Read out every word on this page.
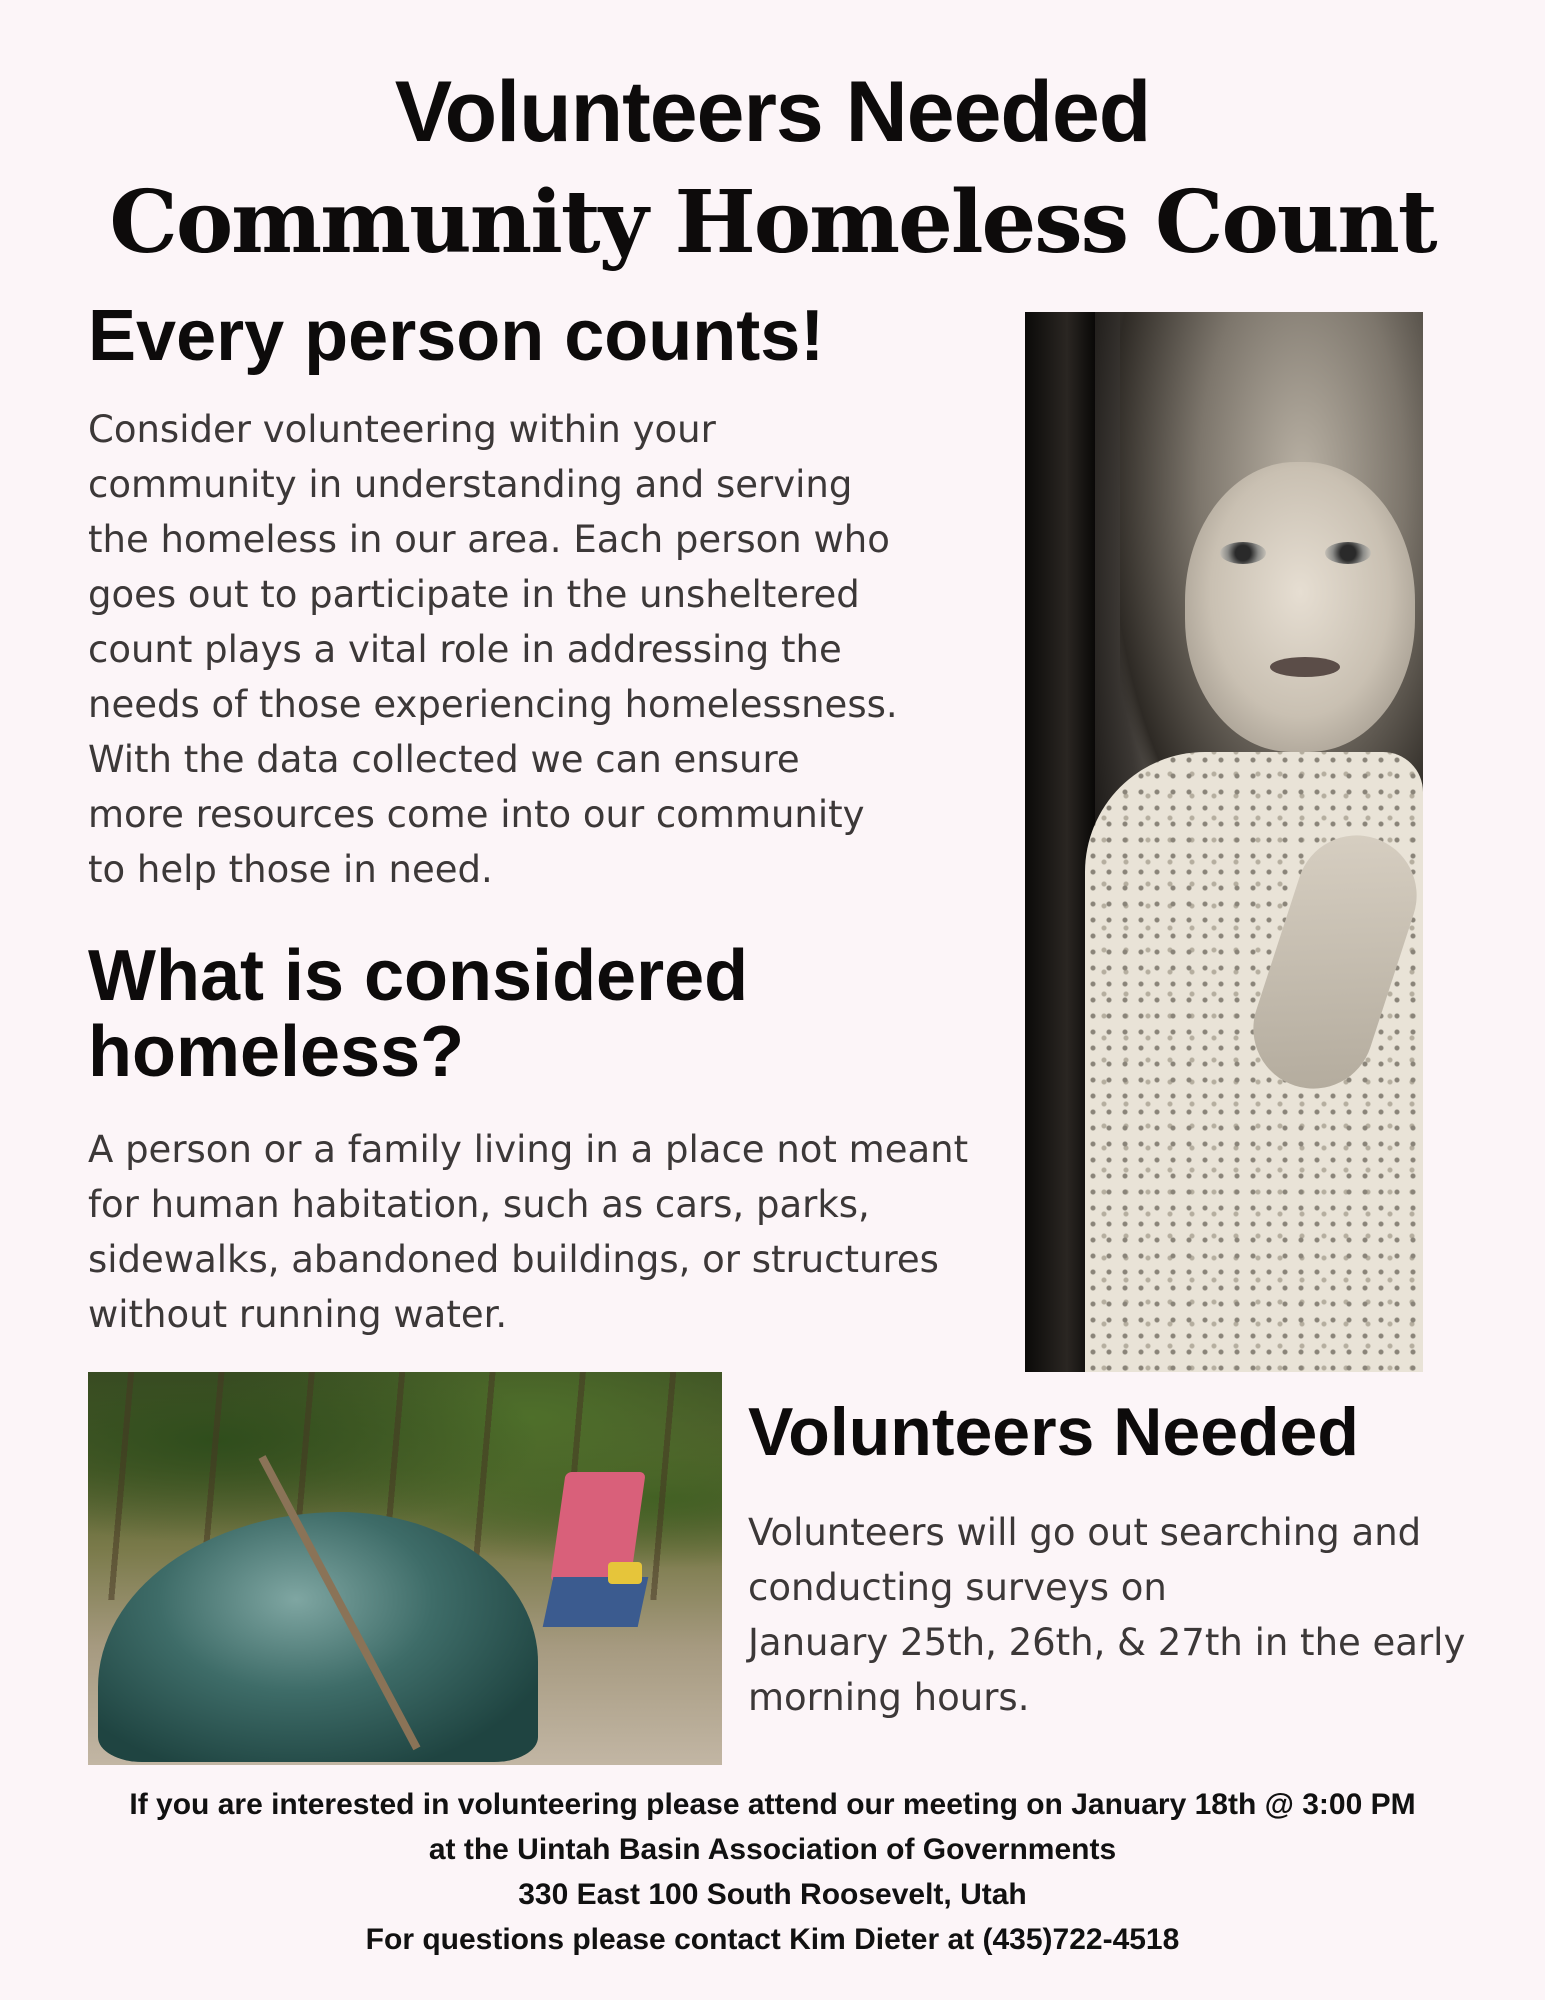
Volunteers Needed
Community Homeless Count
Every person counts!

Consider volunteering within your
community in understanding and serving
the homeless in our area. Each person who
goes out to participate in the unsheltered
count plays a vital role in addressing the
needs of those experiencing homelessness.
With the data collected we can ensure
more resources come into our community
to help those in need.

What is considered
homeless?

A person or a family living in a place not meant
for human habitation, such as cars, parks,
sidewalks, abandoned buildings, or structures
without running water.

Volunteers Needed

Volunteers will go out searching and
conducting surveys on
January 25th, 26th, & 27th in the early
morning hours.

If you are interested in volunteering please attend our meeting on January 18th @ 3:00 PM
at the Uintah Basin Association of Governments
330 East 100 South Roosevelt, Utah
For questions please contact Kim Dieter at (435)722-4518
